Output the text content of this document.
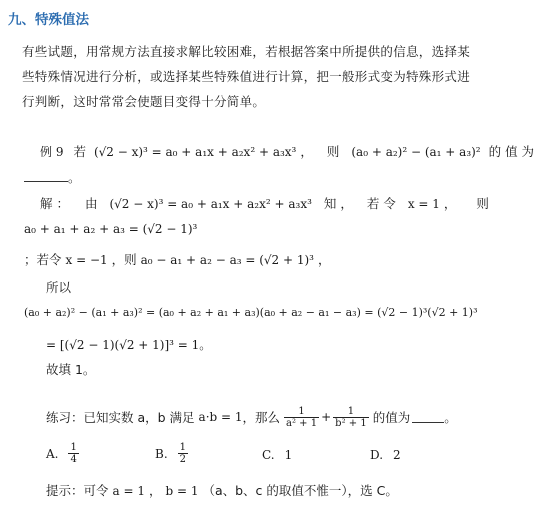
九、特殊值法
有些试题，用常规方法直接求解比较困难，若根据答案中所提供的信息，选择某
些特殊情况进行分析，或选择某些特殊值进行计算，把一般形式变为特殊形式进
行判断，这时常常会使题目变得十分简单。
例 9 若 (√2 − x)³ = a₀ + a₁x + a₂x² + a₃x³ ， 则 (a₀ + a₂)² − (a₁ + a₃)² 的 值 为
。
解 ： 由 (√2 − x)³ = a₀ + a₁x + a₂x² + a₃x³ 知 ， 若 令 x = 1 ， 则
a₀ + a₁ + a₂ + a₃ = (√2 − 1)³
；若令 x = −1 ，则 a₀ − a₁ + a₂ − a₃ = (√2 + 1)³ ，
所以
(a₀ + a₂)² − (a₁ + a₃)² = (a₀ + a₂ + a₁ + a₃)(a₀ + a₂ − a₁ − a₃) = (√2 − 1)³(√2 + 1)³
= [(√2 − 1)(√2 + 1)]³ = 1。
故填 1。
练习：已知实数 a，b 满足 a·b = 1 ，那么 $\frac{1}{\text{a² + 1}} + \frac{1}{\text{b² + 1}}$ 的值为	。
A. $\frac{1}{4}$	B. $\frac{1}{2}$	C. 1	D. 2
提示：可令 a = 1 ， b = 1 （a、b、c 的取值不惟一），选 C。
